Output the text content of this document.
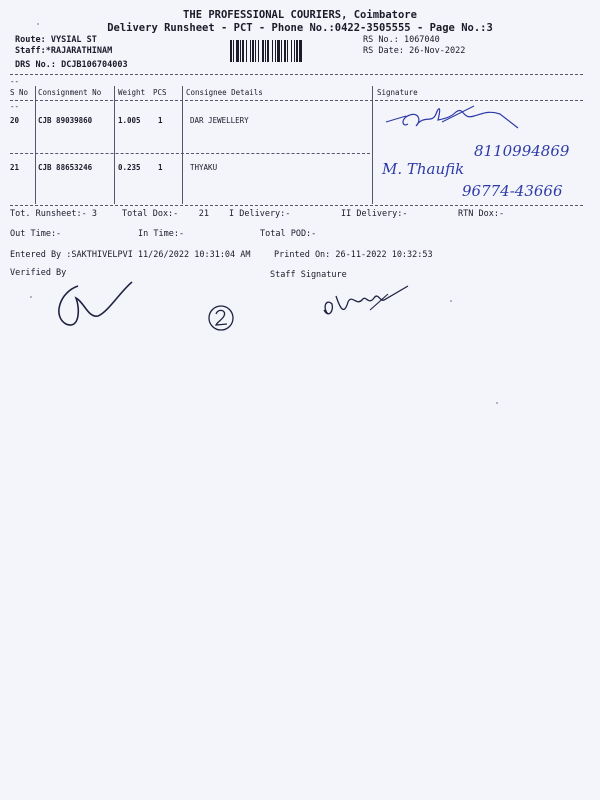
THE PROFESSIONAL COURIERS, Coimbatore
Delivery Runsheet - PCT - Phone No.:0422-3505555 - Page No.:3
Route: VYSIAL ST
Staff:*RAJARATHINAM
DRS No.: DCJB106704003
RS No.: 1067040
RS Date: 26-Nov-2022
--
S No Consignment No Weight PCS	Consignee Details	Signature
--
20	CJB 89039860	1.005 1	DAR JEWELLERY
21	CJB 88653246	0.235 1	THYAKU
8110994869
M. Thaufik
96774-43666
Tot. Runsheet:- 3	Total Dox:- 21 I Delivery:-	II Delivery:-	RTN Dox:-
Out Time:-	In Time:-	Total POD:-
Entered By :SAKTHIVELPVI 11/26/2022 10:31:04 AM	Printed On: 26-11-2022 10:32:53
Verified By	Staff Signature
